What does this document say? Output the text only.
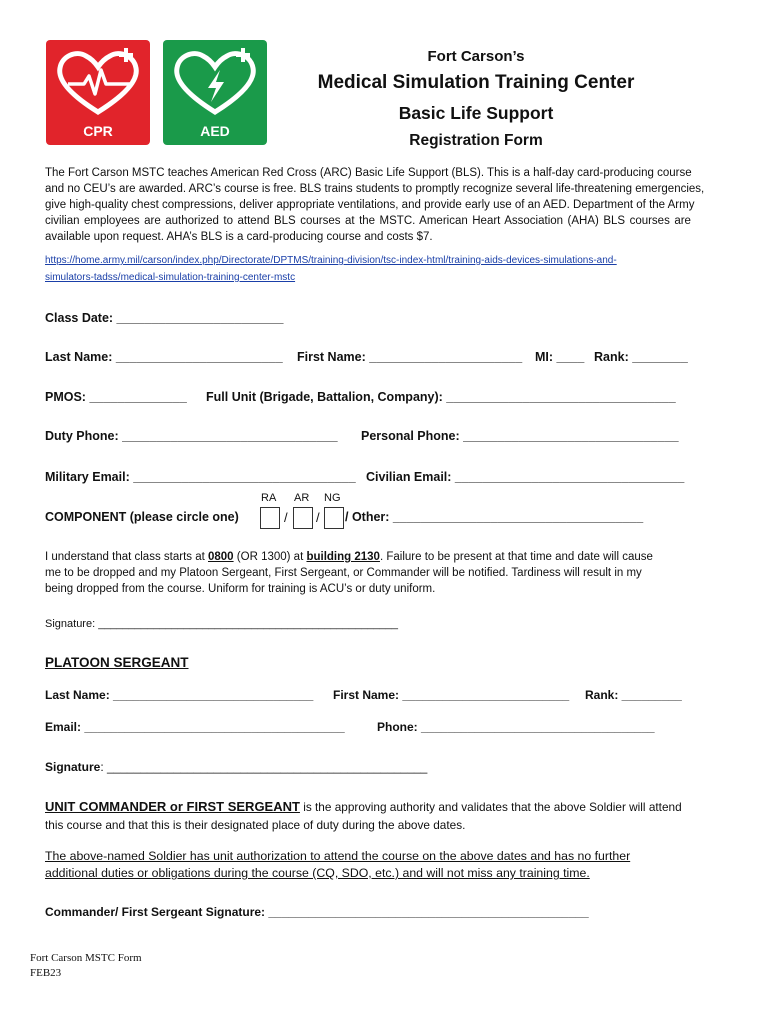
CPR	AED
Fort Carson’s
Medical Simulation Training Center
Basic Life Support
Registration Form
The Fort Carson MSTC teaches American Red Cross (ARC) Basic Life Support (BLS). This is a half-day card-producing course
and no CEU’s are awarded. ARC’s course is free. BLS trains students to promptly recognize several life-threatening emergencies,
give high-quality chest compressions, deliver appropriate ventilations, and provide early use of an AED. Department of the Army
civilian employees are authorized to attend BLS courses at the MSTC. American Heart Association (AHA) BLS courses are
available upon request. AHA’s BLS is a card-producing course and costs $7.
https://home.army.mil/carson/index.php/Directorate/DPTMS/training-division/tsc-index-html/training-aids-devices-simulations-and-
simulators-tadss/medical-simulation-training-center-mstc
Class Date: ________________________
Last Name: ________________________ First Name: ______________________ MI: ____ Rank: ________
PMOS: ______________ Full Unit (Brigade, Battalion, Company): _________________________________
Duty Phone: _______________________________ Personal Phone: _______________________________
Military Email: ________________________________ Civilian Email: _________________________________
RA AR NG
COMPONENT (please circle one)	/ / / Other: ____________________________________
I understand that class starts at 0800 (OR 1300) at building 2130. Failure to be present at that time and date will cause
me to be dropped and my Platoon Sergeant, First Sergeant, or Commander will be notified. Tardiness will result in my
being dropped from the course. Uniform for training is ACU’s or duty uniform.
Signature: _________________________________________________
PLATOON SERGEANT
Last Name: ______________________________ First Name: _________________________ Rank: _________
Email: _______________________________________	Phone: ___________________________________
Signature: ________________________________________________
UNIT COMMANDER or FIRST SERGEANT is the approving authority and validates that the above Soldier will attend
this course and that this is their designated place of duty during the above dates.
The above-named Soldier has unit authorization to attend the course on the above dates and has no further
additional duties or obligations during the course (CQ, SDO, etc.) and will not miss any training time.
Commander/ First Sergeant Signature: ________________________________________________
Fort Carson MSTC Form
FEB23
